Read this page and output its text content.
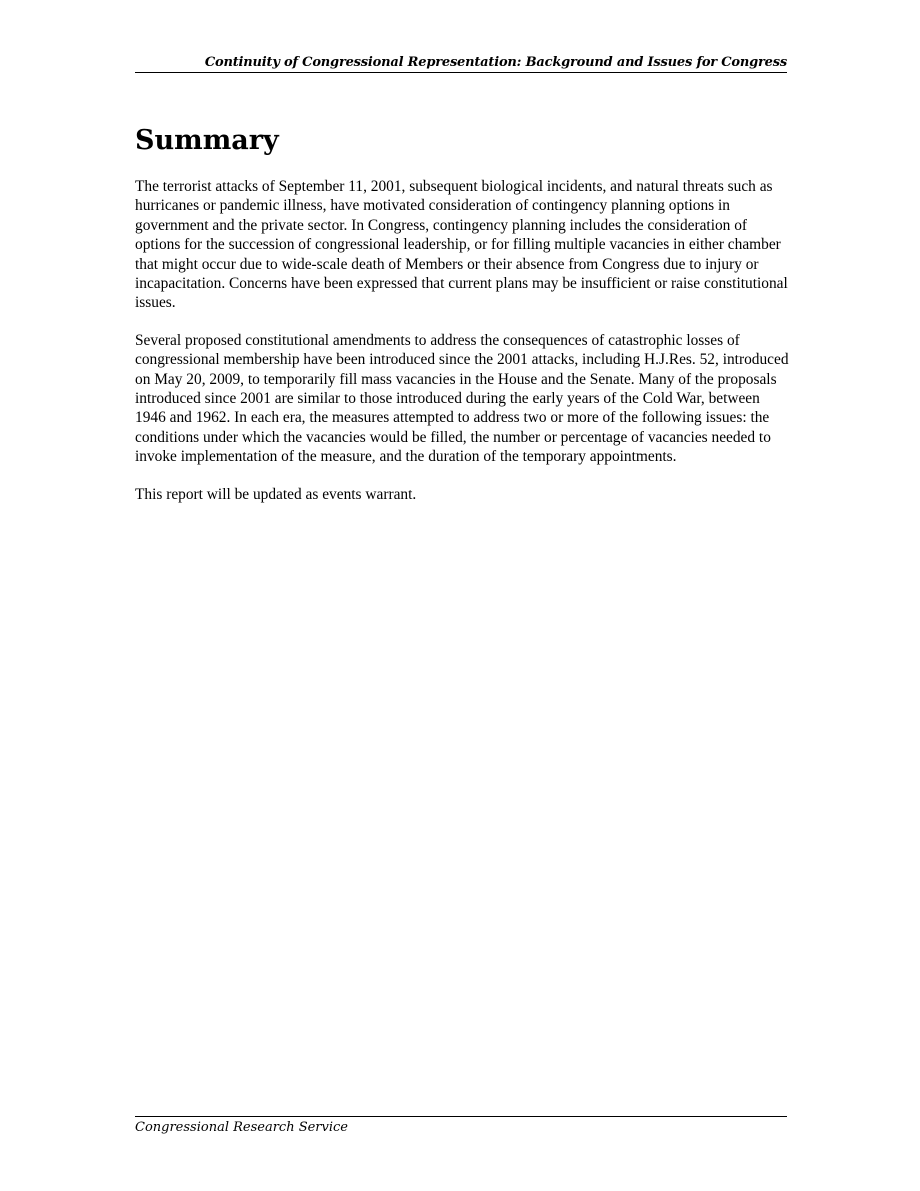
Continuity of Congressional Representation: Background and Issues for Congress
Summary

The terrorist attacks of September 11, 2001, subsequent biological incidents, and natural threats such as hurricanes or pandemic illness, have motivated consideration of contingency planning options in government and the private sector. In Congress, contingency planning includes the consideration of options for the succession of congressional leadership, or for filling multiple vacancies in either chamber that might occur due to wide-scale death of Members or their absence from Congress due to injury or incapacitation. Concerns have been expressed that current plans may be insufficient or raise constitutional issues.

Several proposed constitutional amendments to address the consequences of catastrophic losses of congressional membership have been introduced since the 2001 attacks, including H.J.Res. 52, introduced on May 20, 2009, to temporarily fill mass vacancies in the House and the Senate. Many of the proposals introduced since 2001 are similar to those introduced during the early years of the Cold War, between 1946 and 1962. In each era, the measures attempted to address two or more of the following issues: the conditions under which the vacancies would be filled, the number or percentage of vacancies needed to invoke implementation of the measure, and the duration of the temporary appointments.

This report will be updated as events warrant.

Congressional Research Service
